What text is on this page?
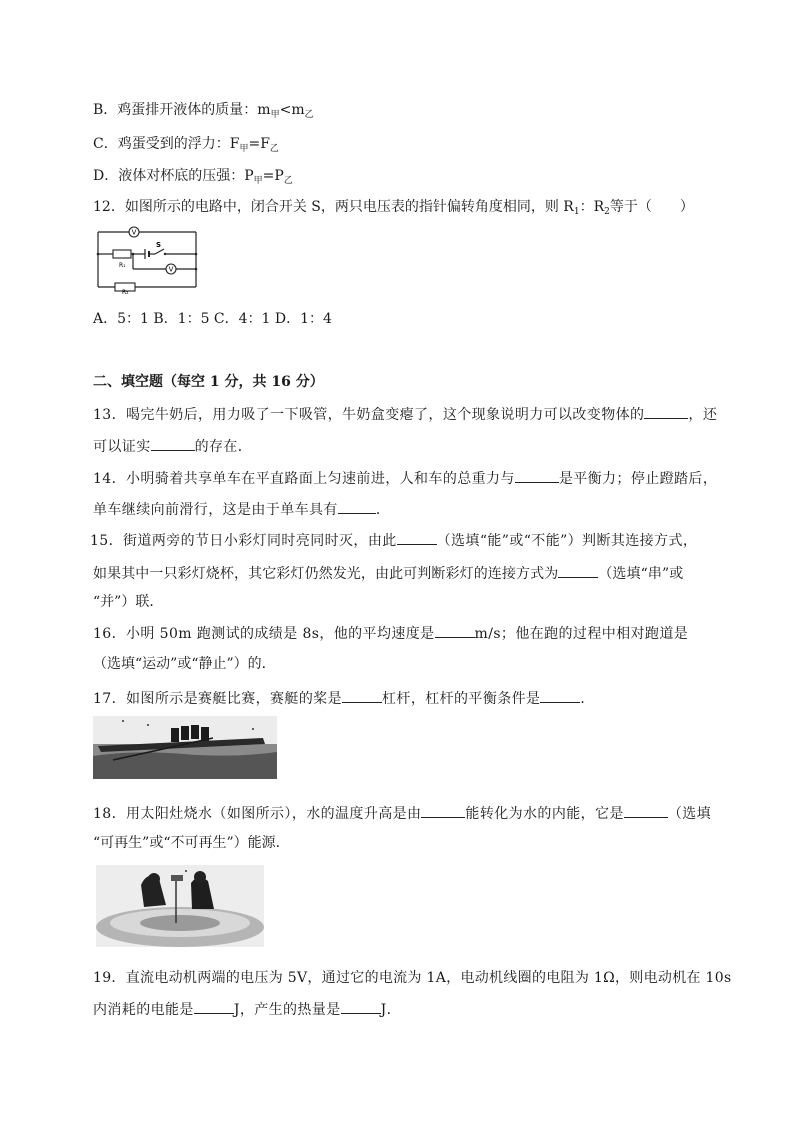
B．鸡蛋排开液体的质量：$m_甲<m_乙$
C．鸡蛋受到的浮力：$F_甲=F_乙$
D．液体对杯底的压强：$P_甲=P_乙$
12．如图所示的电路中，闭合开关 S，两只电压表的指针偏转角度相同，则 $R_1$：$R_2$等于（　　）
V
R₁
S
V
R₂
A．5：1 B．1：5 C．4：1 D．1：4
二、填空题（每空 1 分，共 16 分）
13．喝完牛奶后，用力吸了一下吸管，牛奶盒变瘪了，这个现象说明力可以改变物体的	，还
可以证实	的存在．
14．小明骑着共享单车在平直路面上匀速前进，人和车的总重力与	是平衡力；停止蹬踏后，
单车继续向前滑行，这是由于单车具有	．
15．街道两旁的节日小彩灯同时亮同时灭，由此	（选填“能”或“不能”）判断其连接方式，
如果其中一只彩灯烧杯，其它彩灯仍然发光，由此可判断彩灯的连接方式为	（选填“串”或
“并”）联．
16．小明 50m 跑测试的成绩是 8s，他的平均速度是	m/s；他在跑的过程中相对跑道是
（选填“运动”或“静止”）的．
17．如图所示是赛艇比赛，赛艇的桨是	杠杆，杠杆的平衡条件是	．
18．用太阳灶烧水（如图所示），水的温度升高是由	能转化为水的内能，它是	（选填
“可再生”或“不可再生”）能源．
19．直流电动机两端的电压为 5V，通过它的电流为 1A，电动机线圈的电阻为 1Ω，则电动机在 10s
内消耗的电能是	J，产生的热量是	J．
